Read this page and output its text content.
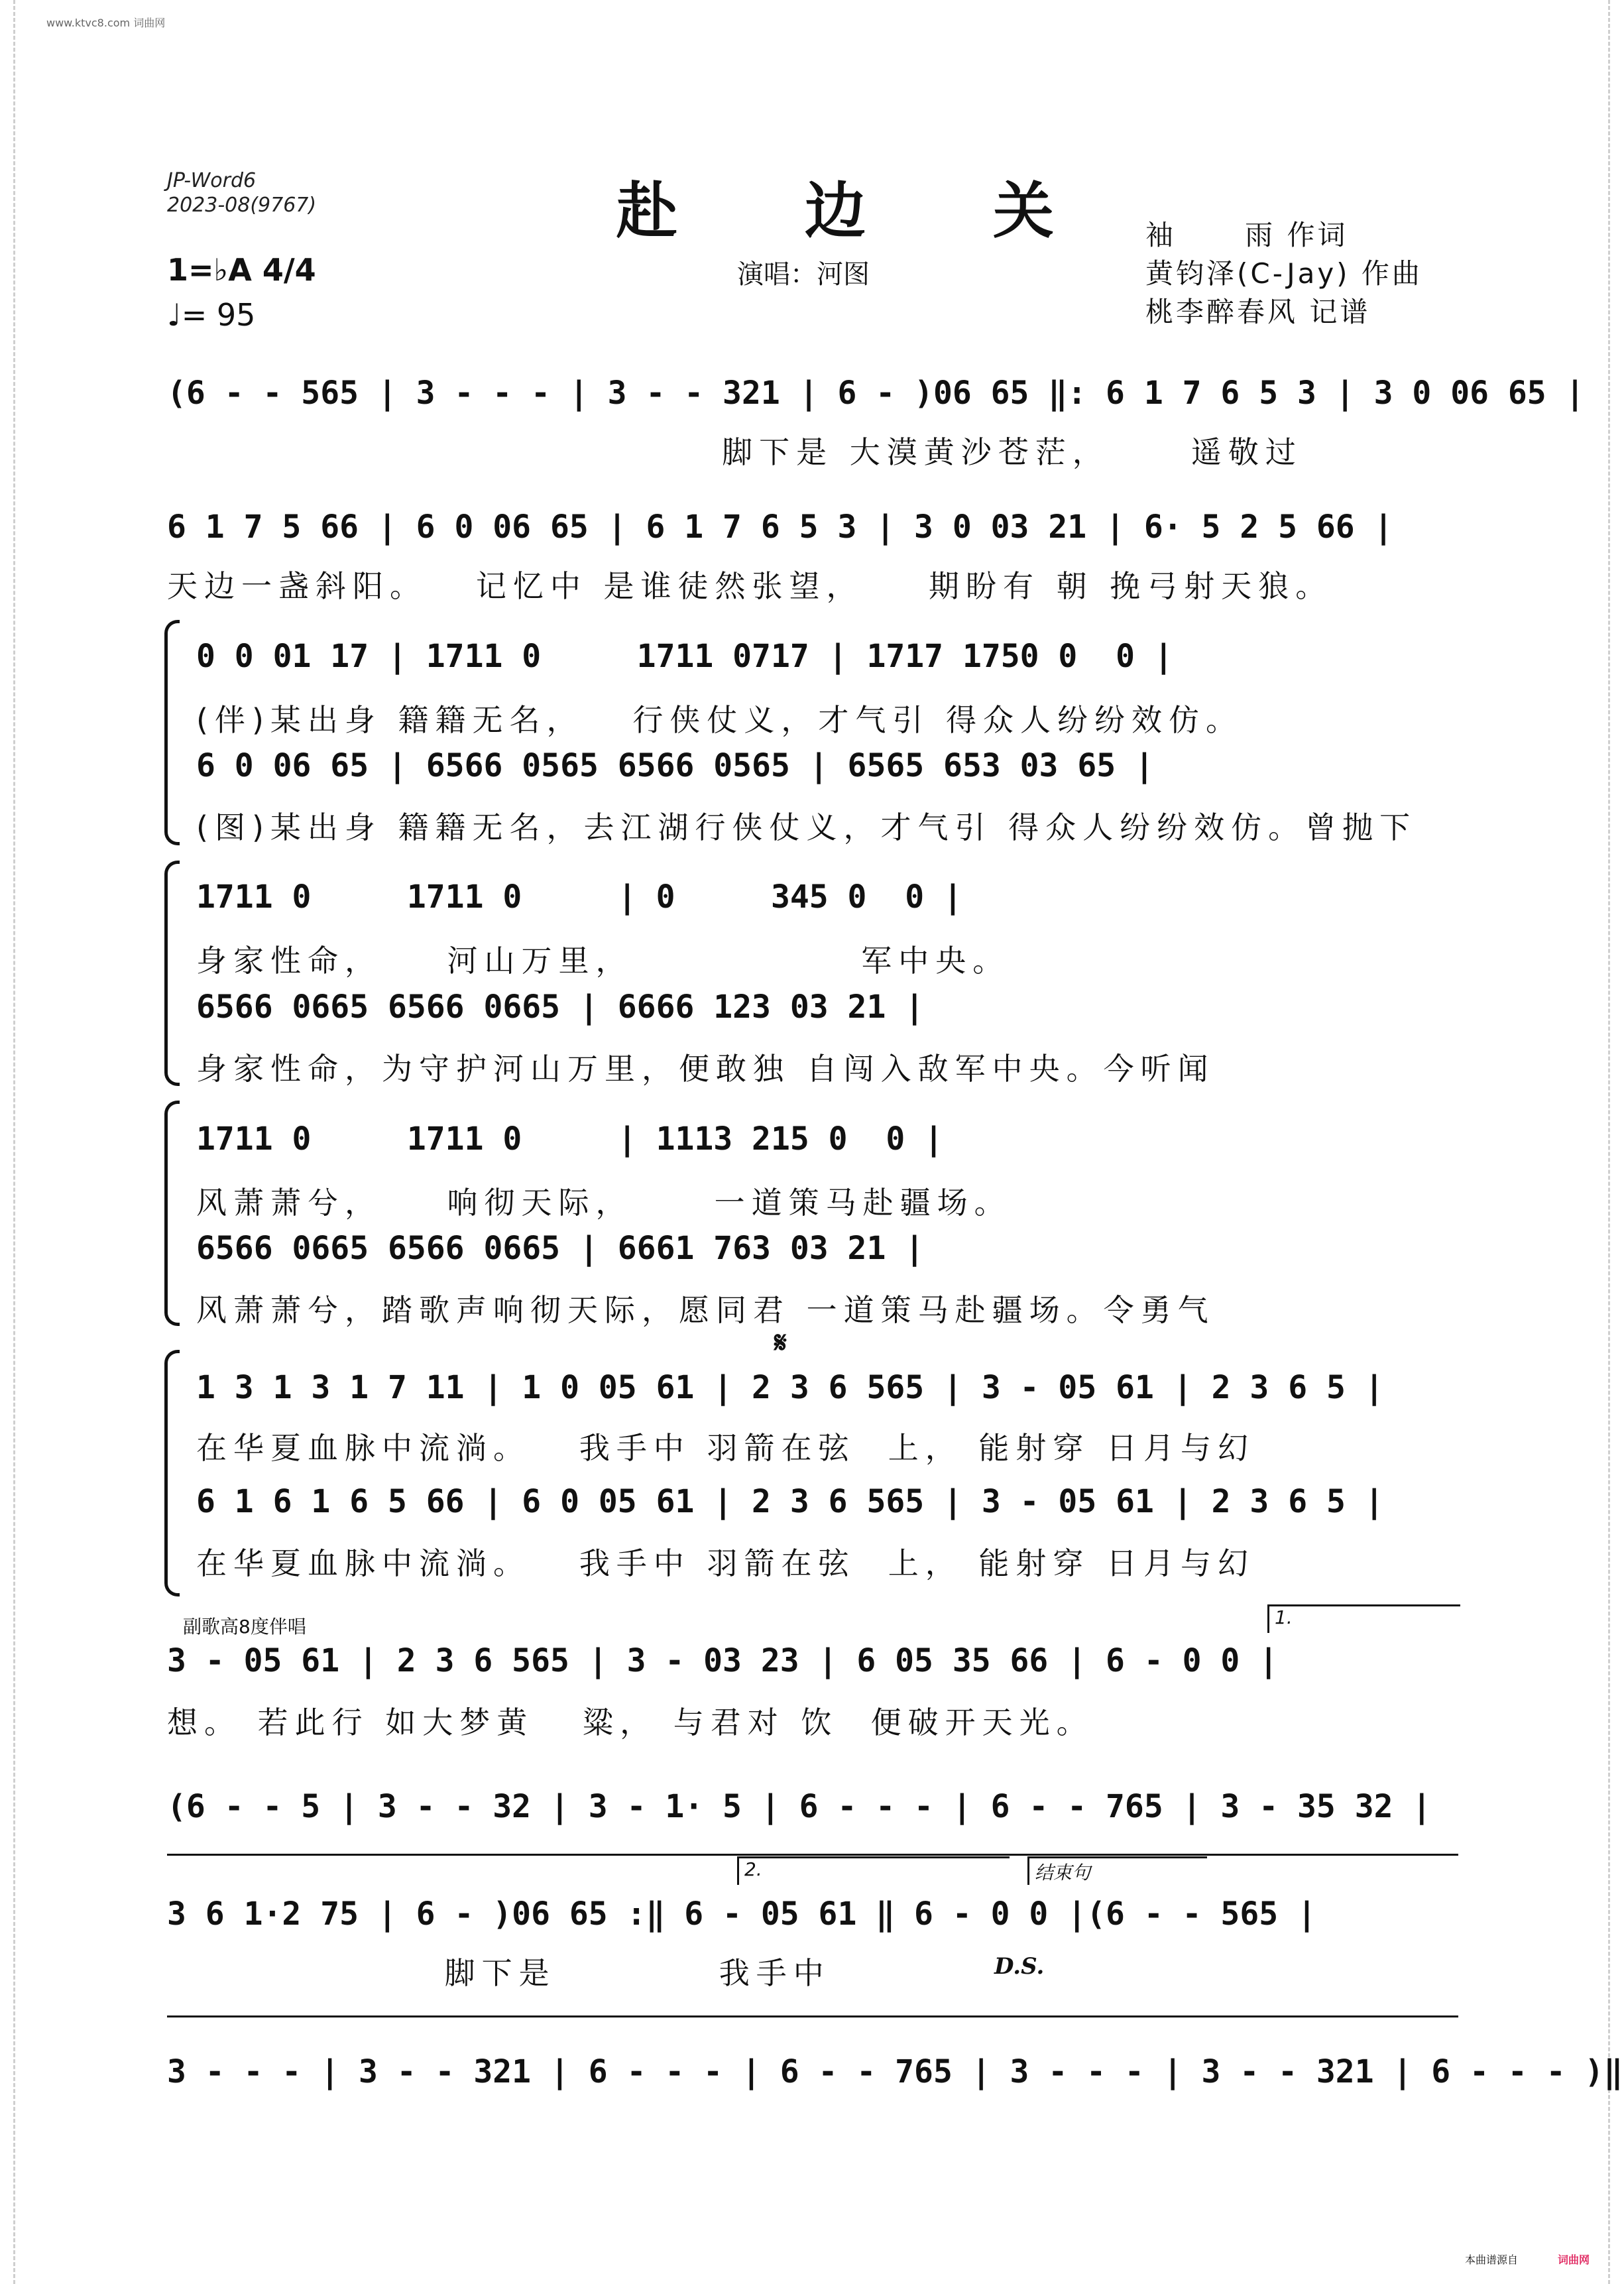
www.ktvc8.com 词曲网
JP-Word6
2023-08(9767)	赴 边 关
1=♭A 4/4
♩= 95
演唱：河图
袖      雨 作词
黄钧泽(C-Jay) 作曲
桃李醉春风 记谱
(6 - - 565 | 3 - - - | 3 - - 321 | 6 - )06 65 ‖: 6 1 7 6 5 3 | 3 0 06 65 |
脚下是 大漠黄沙苍茫，     遥敬过
6 1 7 5 66 | 6 0 06 65 | 6 1 7 6 5 3 | 3 0 03 21 | 6· 5 2 5 66 |
天边一盏斜阳。   记忆中 是谁徒然张望，    期盼有 朝 挽弓射天狼。
0 0 01 17 | 1711 0     1711 0717 | 1717 1750 0  0 |
(伴)某出身 籍籍无名，   行侠仗义，才气引 得众人纷纷效仿。
6 0 06 65 | 6566 0565 6566 0565 | 6565 653 03 65 |
(图)某出身 籍籍无名，去江湖行侠仗义，才气引 得众人纷纷效仿。曾抛下
1711 0     1711 0     | 0     345 0  0 |
身家性命，    河山万里，              军中央。
6566 0665 6566 0665 | 6666 123 03 21 |
身家性命，为守护河山万里，便敢独 自闯入敌军中央。今听闻
1711 0     1711 0     | 1113 215 0  0 |
风萧萧兮，    响彻天际，     一道策马赴疆场。
6566 0665 6566 0665 | 6661 763 03 21 |
风萧萧兮，踏歌声响彻天际，愿同君 一道策马赴疆场。令勇气
𝄋
1 3 1 3 1 7 11 | 1 0 05 61 | 2 3 6 565 | 3 - 05 61 | 2 3 6 5 |
在华夏血脉中流淌。   我手中 羽箭在弦  上， 能射穿 日月与幻
6 1 6 1 6 5 66 | 6 0 05 61 | 2 3 6 565 | 3 - 05 61 | 2 3 6 5 |
在华夏血脉中流淌。   我手中 羽箭在弦  上， 能射穿 日月与幻
副歌高8度伴唱	1.
3 - 05 61 | 2 3 6 565 | 3 - 03 23 | 6 05 35 66 | 6 - 0 0 |
想。 若此行 如大梦黄   粱， 与君对 饮  便破开天光。
(6 - - 5 | 3 - - 32 | 3 - 1· 5 | 6 - - - | 6 - - 765 | 3 - 35 32 |
2.	结束句
3 6 1·2 75 | 6 - )06 65 :‖ 6 - 05 61 ‖ 6 - 0 0 |(6 - - 565 |
脚下是          我手中	D.S.
3 - - - | 3 - - 321 | 6 - - - | 6 - - 765 | 3 - - - | 3 - - 321 | 6 - - - )‖
本曲谱源自	词曲网
